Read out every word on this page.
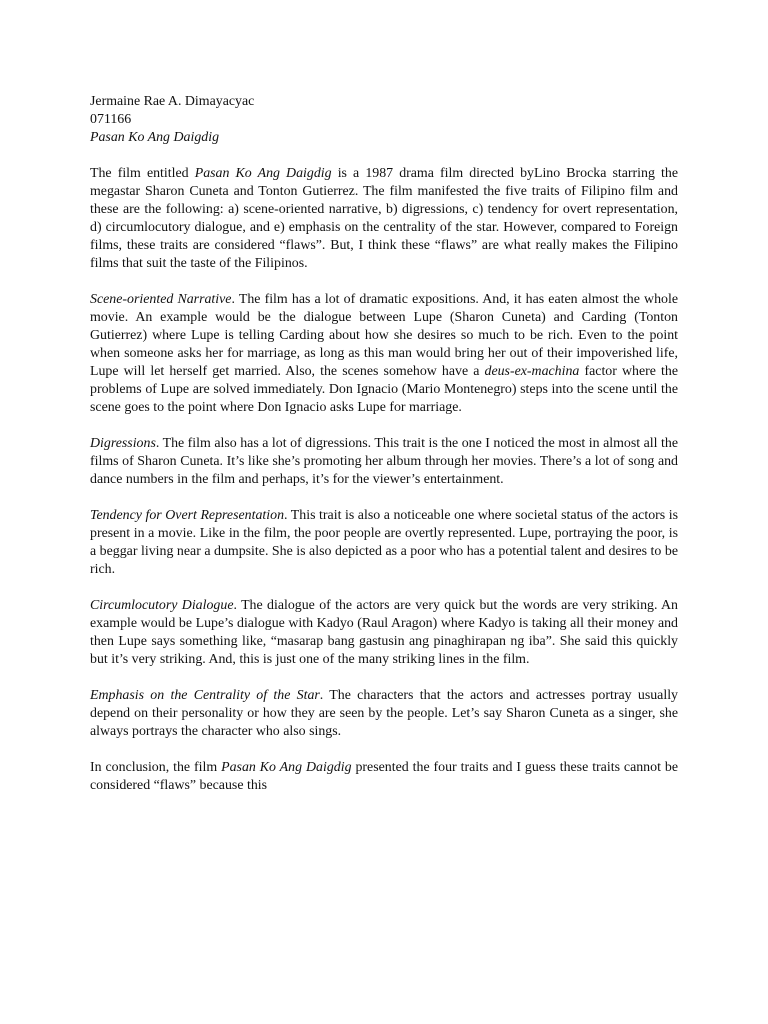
Jermaine Rae A. Dimayacyac
071166
Pasan Ko Ang Daigdig

The film entitled Pasan Ko Ang Daigdig is a 1987 drama film directed byLino Brocka starring the megastar Sharon Cuneta and Tonton Gutierrez. The film manifested the five traits of Filipino film and these are the following: a) scene-oriented narrative, b) digressions, c) tendency for overt representation, d) circumlocutory dialogue, and e) emphasis on the centrality of the star. However, compared to Foreign films, these traits are considered “flaws”. But, I think these “flaws” are what really makes the Filipino films that suit the taste of the Filipinos.

Scene-oriented Narrative. The film has a lot of dramatic expositions. And, it has eaten almost the whole movie. An example would be the dialogue between Lupe (Sharon Cuneta) and Carding (Tonton Gutierrez) where Lupe is telling Carding about how she desires so much to be rich. Even to the point when someone asks her for marriage, as long as this man would bring her out of their impoverished life, Lupe will let herself get married. Also, the scenes somehow have a deus-ex-machina factor where the problems of Lupe are solved immediately. Don Ignacio (Mario Montenegro) steps into the scene until the scene goes to the point where Don Ignacio asks Lupe for marriage.

Digressions. The film also has a lot of digressions. This trait is the one I noticed the most in almost all the films of Sharon Cuneta. It’s like she’s promoting her album through her movies. There’s a lot of song and dance numbers in the film and perhaps, it’s for the viewer’s entertainment.

Tendency for Overt Representation. This trait is also a noticeable one where societal status of the actors is present in a movie. Like in the film, the poor people are overtly represented. Lupe, portraying the poor, is a beggar living near a dumpsite. She is also depicted as a poor who has a potential talent and desires to be rich.

Circumlocutory Dialogue. The dialogue of the actors are very quick but the words are very striking. An example would be Lupe’s dialogue with Kadyo (Raul Aragon) where Kadyo is taking all their money and then Lupe says something like, “masarap bang gastusin ang pinaghirapan ng iba”. She said this quickly but it’s very striking. And, this is just one of the many striking lines in the film.

Emphasis on the Centrality of the Star. The characters that the actors and actresses portray usually depend on their personality or how they are seen by the people. Let’s say Sharon Cuneta as a singer, she always portrays the character who also sings.

In conclusion, the film Pasan Ko Ang Daigdig presented the four traits and I guess these traits cannot be considered “flaws” because this
